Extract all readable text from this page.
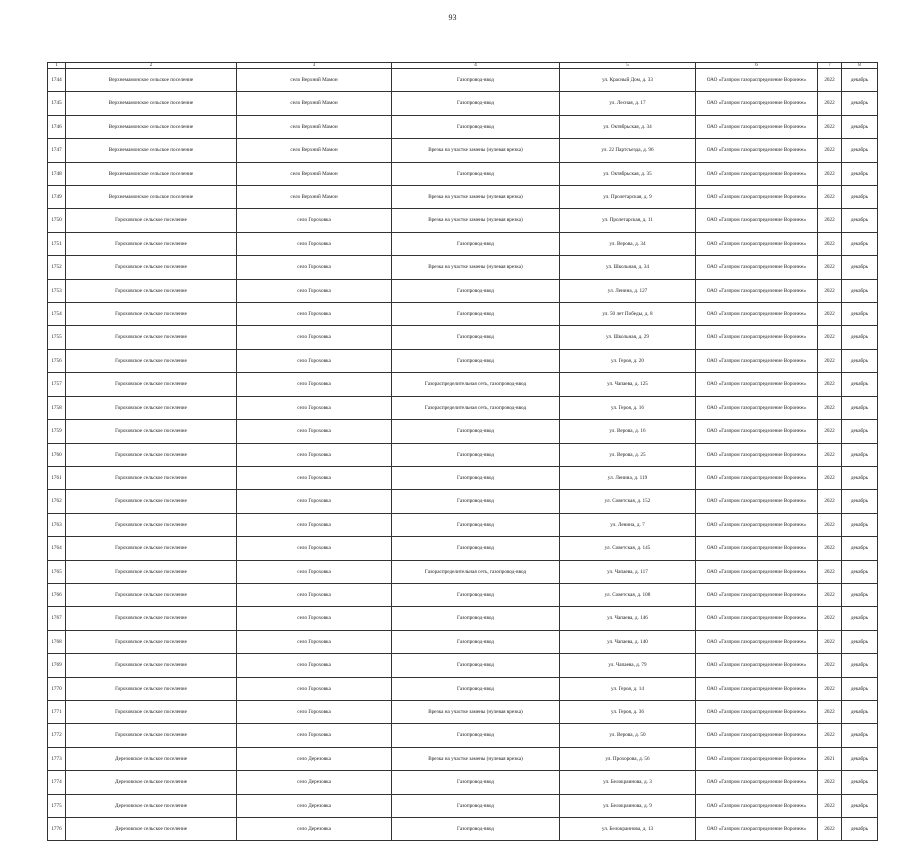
93
1	2	3	4	5	6	7	8
1744	Верхнемамонское сельское поселение	село Верхний Мамон	Газопровод-ввод	ул. Красный Дом, д. 33	ОАО «Газпром газораспределение Воронеж»	2022	декабрь
1745	Верхнемамонское сельское поселение	село Верхний Мамон	Газопровод-ввод	ул. Лесная, д. 17	ОАО «Газпром газораспределение Воронеж»	2022	декабрь
1746	Верхнемамонское сельское поселение	село Верхний Мамон	Газопровод-ввод	ул. Октябрьская, д. 34	ОАО «Газпром газораспределение Воронеж»	2022	декабрь
1747	Верхнемамонское сельское поселение	село Верхний Мамон	Врезка на участке замены (нулевая врезка)	ул. 22 Партсъезда, д. 96	ОАО «Газпром газораспределение Воронеж»	2022	декабрь
1748	Верхнемамонское сельское поселение	село Верхний Мамон	Газопровод-ввод	ул. Октябрьская, д. 35	ОАО «Газпром газораспределение Воронеж»	2022	декабрь
1749	Верхнемамонское сельское поселение	село Верхний Мамон	Врезка на участке замены (нулевая врезка)	ул. Пролетарская, д. 9	ОАО «Газпром газораспределение Воронеж»	2022	декабрь
1750	Гороховское сельское поселение	село Гороховка	Врезка на участке замены (нулевая врезка)	ул. Пролетарская, д. 11	ОАО «Газпром газораспределение Воронеж»	2022	декабрь
1751	Гороховское сельское поселение	село Гороховка	Газопровод-ввод	ул. Верова, д. 34	ОАО «Газпром газораспределение Воронеж»	2022	декабрь
1752	Гороховское сельское поселение	село Гороховка	Врезка на участке замены (нулевая врезка)	ул. Школьная, д. 34	ОАО «Газпром газораспределение Воронеж»	2022	декабрь
1753	Гороховское сельское поселение	село Гороховка	Газопровод-ввод	ул. Ленина, д. 127	ОАО «Газпром газораспределение Воронеж»	2022	декабрь
1754	Гороховское сельское поселение	село Гороховка	Газопровод-ввод	ул. 50 лет Победы, д. 8	ОАО «Газпром газораспределение Воронеж»	2022	декабрь
1755	Гороховское сельское поселение	село Гороховка	Газопровод-ввод	ул. Школьная, д. 29	ОАО «Газпром газораспределение Воронеж»	2022	декабрь
1756	Гороховское сельское поселение	село Гороховка	Газопровод-ввод	ул. Героя, д. 20	ОАО «Газпром газораспределение Воронеж»	2022	декабрь
1757	Гороховское сельское поселение	село Гороховка	Газораспределительная сеть, газопровод-ввод	ул. Чапаева, д. 125	ОАО «Газпром газораспределение Воронеж»	2022	декабрь
1758	Гороховское сельское поселение	село Гороховка	Газораспределительная сеть, газопровод-ввод	ул. Героя, д. 16	ОАО «Газпром газораспределение Воронеж»	2022	декабрь
1759	Гороховское сельское поселение	село Гороховка	Газопровод-ввод	ул. Верова, д. 16	ОАО «Газпром газораспределение Воронеж»	2022	декабрь
1760	Гороховское сельское поселение	село Гороховка	Газопровод-ввод	ул. Верова, д. 25	ОАО «Газпром газораспределение Воронеж»	2022	декабрь
1761	Гороховское сельское поселение	село Гороховка	Газопровод-ввод	ул. Ленина, д. 119	ОАО «Газпром газораспределение Воронеж»	2022	декабрь
1762	Гороховское сельское поселение	село Гороховка	Газопровод-ввод	ул. Советская, д. 152	ОАО «Газпром газораспределение Воронеж»	2022	декабрь
1763	Гороховское сельское поселение	село Гороховка	Газопровод-ввод	ул. Ленина, д. 7	ОАО «Газпром газораспределение Воронеж»	2022	декабрь
1764	Гороховское сельское поселение	село Гороховка	Газопровод-ввод	ул. Советская, д. 145	ОАО «Газпром газораспределение Воронеж»	2022	декабрь
1765	Гороховское сельское поселение	село Гороховка	Газораспределительная сеть, газопровод-ввод	ул. Чапаева, д. 117	ОАО «Газпром газораспределение Воронеж»	2022	декабрь
1766	Гороховское сельское поселение	село Гороховка	Газопровод-ввод	ул. Советская, д. 108	ОАО «Газпром газораспределение Воронеж»	2022	декабрь
1767	Гороховское сельское поселение	село Гороховка	Газопровод-ввод	ул. Чапаева, д. 146	ОАО «Газпром газораспределение Воронеж»	2022	декабрь
1768	Гороховское сельское поселение	село Гороховка	Газопровод-ввод	ул. Чапаева, д. 140	ОАО «Газпром газораспределение Воронеж»	2022	декабрь
1769	Гороховское сельское поселение	село Гороховка	Газопровод-ввод	ул. Чапаева, д. 79	ОАО «Газпром газораспределение Воронеж»	2022	декабрь
1770	Гороховское сельское поселение	село Гороховка	Газопровод-ввод	ул. Героя, д. 14	ОАО «Газпром газораспределение Воронеж»	2022	декабрь
1771	Гороховское сельское поселение	село Гороховка	Врезка на участке замены (нулевая врезка)	ул. Героя, д. 36	ОАО «Газпром газораспределение Воронеж»	2022	декабрь
1772	Гороховское сельское поселение	село Гороховка	Газопровод-ввод	ул. Верова, д. 50	ОАО «Газпром газораспределение Воронеж»	2022	декабрь
1773	Дерезовское сельское поселение	село Дерезовка	Врезка на участке замены (нулевая врезка)	ул. Прохорова, д. 56	ОАО «Газпром газораспределение Воронеж»	2021	декабрь
1774	Дерезовское сельское поселение	село Дерезовка	Газопровод-ввод	ул. Белокраинова, д. 3	ОАО «Газпром газораспределение Воронеж»	2022	декабрь
1775	Дерезовское сельское поселение	село Дерезовка	Газопровод-ввод	ул. Белокраинова, д. 9	ОАО «Газпром газораспределение Воронеж»	2022	декабрь
1776	Дерезовское сельское поселение	село Дерезовка	Газопровод-ввод	ул. Белокраинова, д. 13	ОАО «Газпром газораспределение Воронеж»	2022	декабрь
